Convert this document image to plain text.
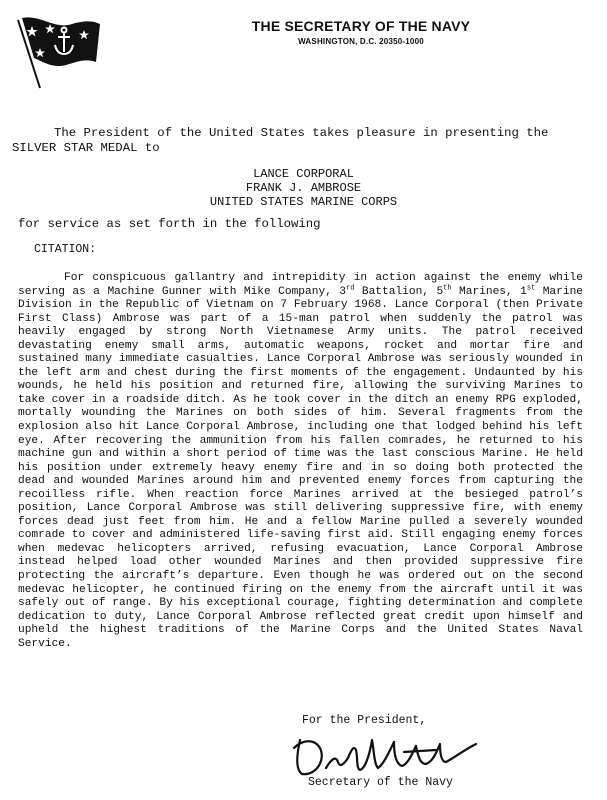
THE SECRETARY OF THE NAVY
WASHINGTON, D.C. 20350-1000
The President of the United States takes pleasure in presenting the SILVER STAR MEDAL to
LANCE CORPORAL
FRANK J. AMBROSE
UNITED STATES MARINE CORPS
for service as set forth in the following
CITATION:
For conspicuous gallantry and intrepidity in action against the enemy while serving as a Machine Gunner with Mike Company, 3rd Battalion, 5th Marines, 1st Marine Division in the Republic of Vietnam on 7 February 1968. Lance Corporal (then Private First Class) Ambrose was part of a 15-man patrol when suddenly the patrol was heavily engaged by strong North Vietnamese Army units. The patrol received devastating enemy small arms, automatic weapons, rocket and mortar fire and sustained many immediate casualties. Lance Corporal Ambrose was seriously wounded in the left arm and chest during the first moments of the engagement. Undaunted by his wounds, he held his position and returned fire, allowing the surviving Marines to take cover in a roadside ditch. As he took cover in the ditch an enemy RPG exploded, mortally wounding the Marines on both sides of him. Several fragments from the explosion also hit Lance Corporal Ambrose, including one that lodged behind his left eye. After recovering the ammunition from his fallen comrades, he returned to his machine gun and within a short period of time was the last conscious Marine. He held his position under extremely heavy enemy fire and in so doing both protected the dead and wounded Marines around him and prevented enemy forces from capturing the recoilless rifle. When reaction force Marines arrived at the besieged patrol’s position, Lance Corporal Ambrose was still delivering suppressive fire, with enemy forces dead just feet from him. He and a fellow Marine pulled a severely wounded comrade to cover and administered life-saving first aid. Still engaging enemy forces when medevac helicopters arrived, refusing evacuation, Lance Corporal Ambrose instead helped load other wounded Marines and then provided suppressive fire protecting the aircraft’s departure. Even though he was ordered out on the second medevac helicopter, he continued firing on the enemy from the aircraft until it was safely out of range. By his exceptional courage, fighting determination and complete dedication to duty, Lance Corporal Ambrose reflected great credit upon himself and upheld the highest traditions of the Marine Corps and the United States Naval Service.
For the President,
Secretary of the Navy
